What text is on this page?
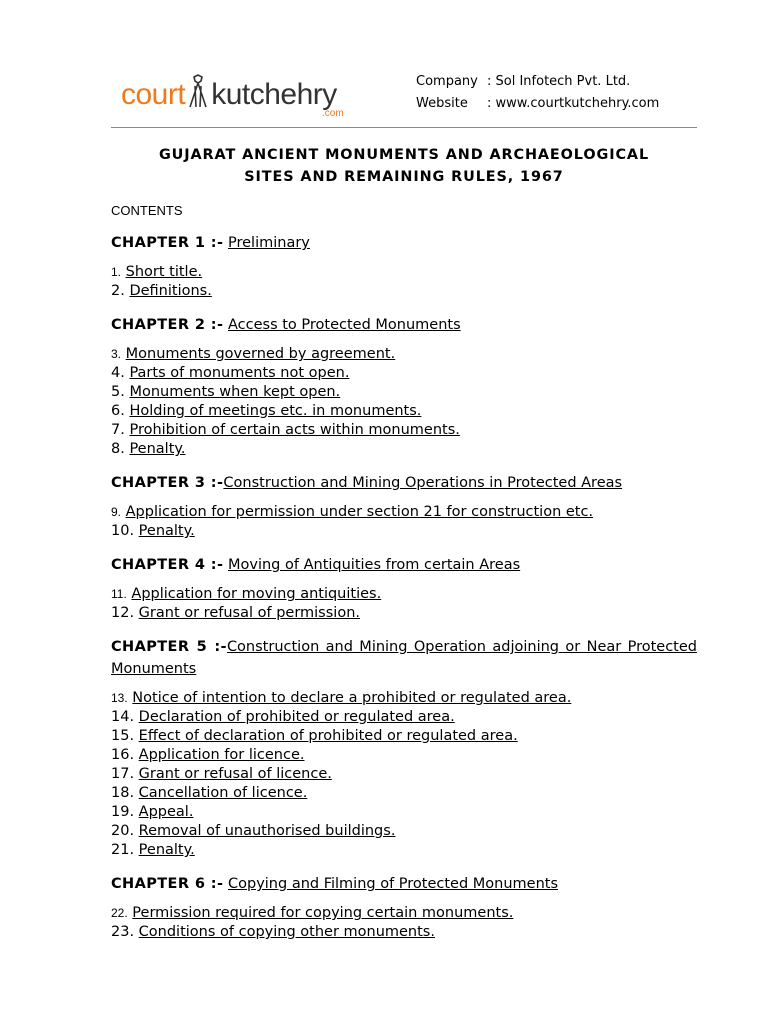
court kutchehry
.com
Company : Sol Infotech Pvt. Ltd.
Website : www.courtkutchehry.com
GUJARAT ANCIENT MONUMENTS AND ARCHAEOLOGICAL
SITES AND REMAINING RULES, 1967
CONTENTS
CHAPTER 1 :- Preliminary
1. Short title.
2. Definitions.
CHAPTER 2 :- Access to Protected Monuments
3. Monuments governed by agreement.
4. Parts of monuments not open.
5. Monuments when kept open.
6. Holding of meetings etc. in monuments.
7. Prohibition of certain acts within monuments.
8. Penalty.
CHAPTER 3 :-Construction and Mining Operations in Protected Areas
9. Application for permission under section 21 for construction etc.
10. Penalty.
CHAPTER 4 :- Moving of Antiquities from certain Areas
11. Application for moving antiquities.
12. Grant or refusal of permission.
CHAPTER 5 :-Construction and Mining Operation adjoining or Near Protected Monuments
13. Notice of intention to declare a prohibited or regulated area.
14. Declaration of prohibited or regulated area.
15. Effect of declaration of prohibited or regulated area.
16. Application for licence.
17. Grant or refusal of licence.
18. Cancellation of licence.
19. Appeal.
20. Removal of unauthorised buildings.
21. Penalty.
CHAPTER 6 :- Copying and Filming of Protected Monuments
22. Permission required for copying certain monuments.
23. Conditions of copying other monuments.
